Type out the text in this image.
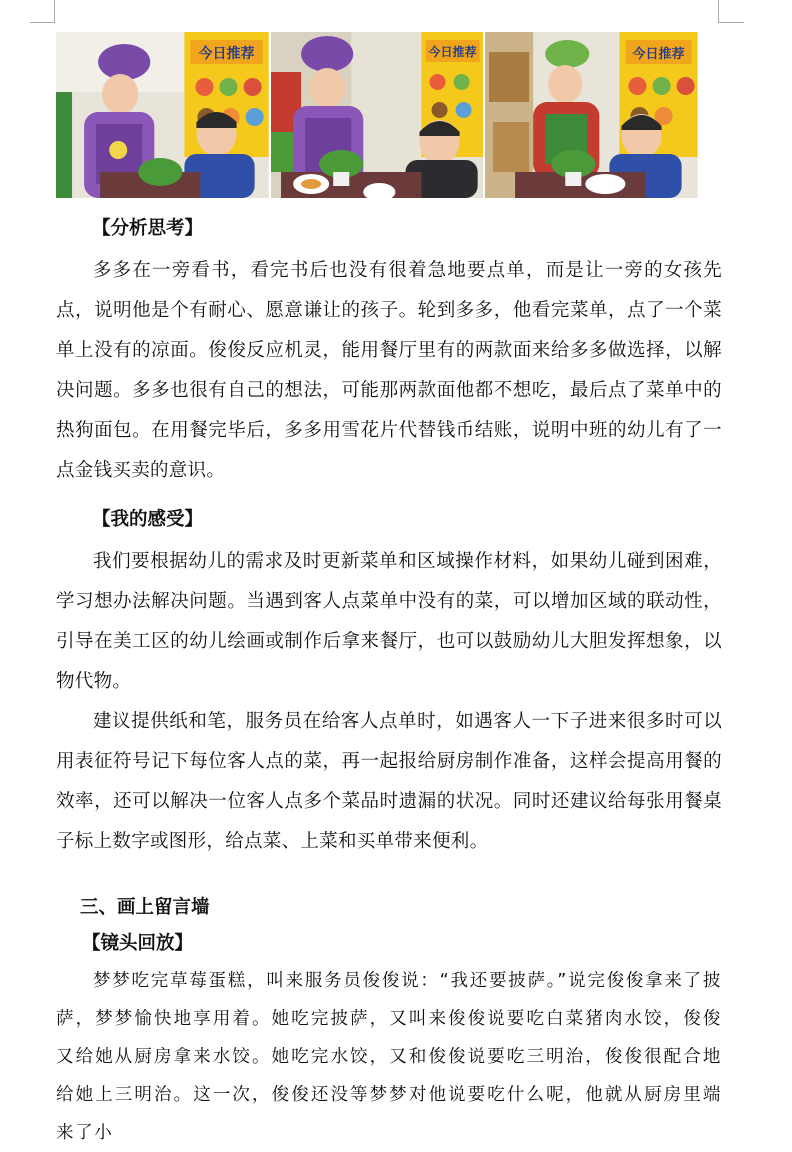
今日推荐	今日推荐	今日推荐
【分析思考】

多多在一旁看书，看完书后也没有很着急地要点单，而是让一旁的女孩先点，说明他是个有耐心、愿意谦让的孩子。轮到多多，他看完菜单，点了一个菜单上没有的凉面。俊俊反应机灵，能用餐厅里有的两款面来给多多做选择，以解决问题。多多也很有自己的想法，可能那两款面他都不想吃，最后点了菜单中的热狗面包。在用餐完毕后，多多用雪花片代替钱币结账，说明中班的幼儿有了一点金钱买卖的意识。

【我的感受】

我们要根据幼儿的需求及时更新菜单和区域操作材料，如果幼儿碰到困难，学习想办法解决问题。当遇到客人点菜单中没有的菜，可以增加区域的联动性，引导在美工区的幼儿绘画或制作后拿来餐厅，也可以鼓励幼儿大胆发挥想象，以物代物。

建议提供纸和笔，服务员在给客人点单时，如遇客人一下子进来很多时可以用表征符号记下每位客人点的菜，再一起报给厨房制作准备，这样会提高用餐的效率，还可以解决一位客人点多个菜品时遗漏的状况。同时还建议给每张用餐桌子标上数字或图形，给点菜、上菜和买单带来便利。

三、画上留言墙
【镜头回放】

梦梦吃完草莓蛋糕，叫来服务员俊俊说：“我还要披萨。”说完俊俊拿来了披萨，梦梦愉快地享用着。她吃完披萨，又叫来俊俊说要吃白菜猪肉水饺，俊俊又给她从厨房拿来水饺。她吃完水饺，又和俊俊说要吃三明治，俊俊很配合地给她上三明治。这一次，俊俊还没等梦梦对他说要吃什么呢，他就从厨房里端来了小
